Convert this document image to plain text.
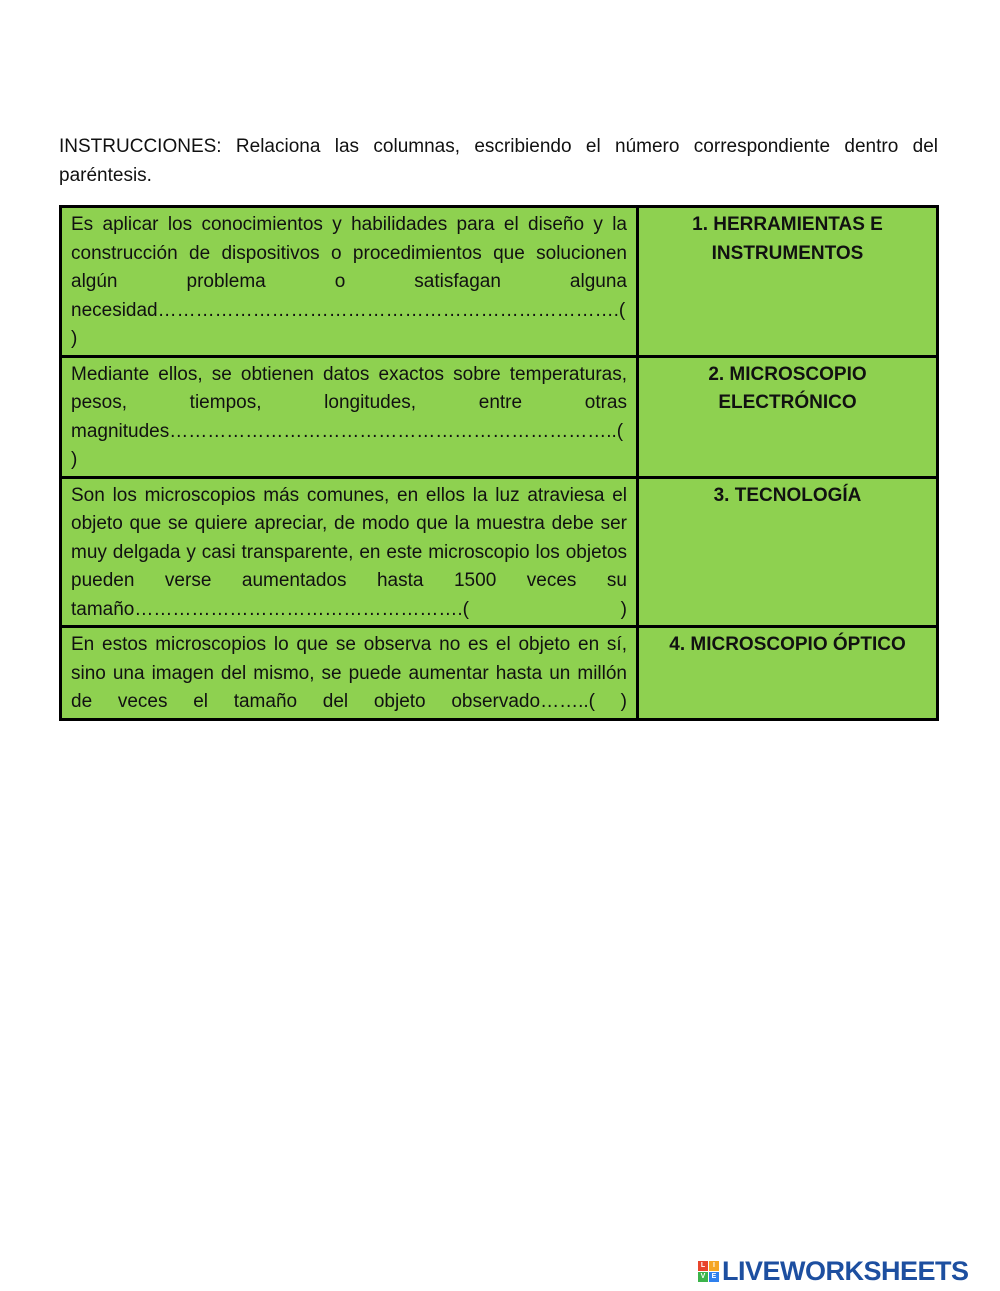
INSTRUCCIONES: Relaciona las columnas, escribiendo el número correspondiente dentro del paréntesis.

Es aplicar los conocimientos y habilidades para el diseño y la construcción de dispositivos o procedimientos que solucionen algún problema o satisfagan alguna necesidad……………………………………………………………….( )	1. HERRAMIENTAS E INSTRUMENTOS
Mediante ellos, se obtienen datos exactos sobre temperaturas, pesos, tiempos, longitudes, entre otras magnitudes……………………………………………………………..( )	2. MICROSCOPIO ELECTRÓNICO
Son los microscopios más comunes, en ellos la luz atraviesa el objeto que se quiere apreciar, de modo que la muestra debe ser muy delgada y casi transparente, en este microscopio los objetos pueden verse aumentados hasta 1500 veces su tamaño…………………………………………….( )	3. TECNOLOGÍA
En estos microscopios lo que se observa no es el objeto en sí, sino una imagen del mismo, se puede aumentar hasta un millón de veces el tamaño del objeto observado……..( )	4. MICROSCOPIO ÓPTICO
L	I
V E LIVEWORKSHEETS
